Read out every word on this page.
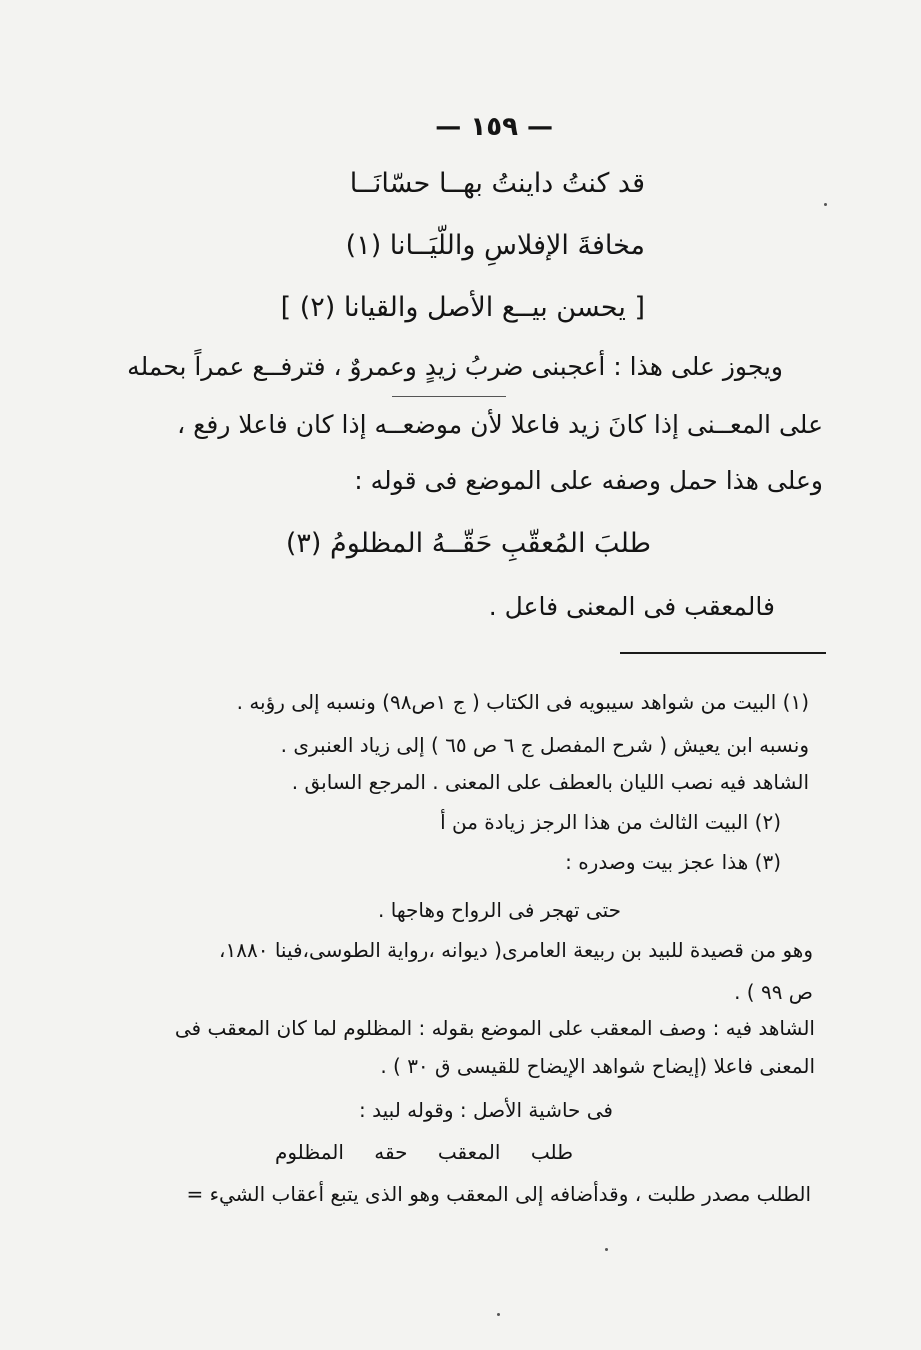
— ١٥٩ —
قد كنتُ داينتُ بهــا حسّانَــا
مخافةَ الإفلاسِ واللّيَــانا (١)
[ يحسن بيــع الأصل والقيانا (٢) ]
ويجوز على هذا : أعجبنى ضربُ زيدٍ وعمروٌ ، فترفــع عمراً بحمله
على المعــنى إذا كانَ زيد فاعلا لأن موضعــه إذا كان فاعلا رفع ،
وعلى هذا حمل وصفه على الموضع فى قوله :
طلبَ المُعقّبِ حَقّــهُ المظلومُ (٣)
فالمعقب فى المعنى فاعل .
(١) البيت من شواهد سيبويه فى الكتاب ( ج ١ص٩٨) ونسبه إلى رؤبه .
ونسبه ابن يعيش ( شرح المفصل ج ٦ ص ٦٥ ) إلى زياد العنبرى .
الشاهد فيه نصب الليان بالعطف على المعنى . المرجع السابق .
(٢) البيت الثالث من هذا الرجز زيادة من أ
(٣) هذا عجز بيت وصدره :
حتى تهجر فى الرواح وهاجها .
وهو من قصيدة للبيد بن ربيعة العامرى( ديوانه ،رواية الطوسى،فينا ١٨٨٠،
ص ٩٩ ) .
الشاهد فيه : وصف المعقب على الموضع بقوله : المظلوم لما كان المعقب فى
المعنى فاعلا (إيضاح شواهد الإيضاح للقيسى ق ٣٠ ) .
فى حاشية الأصل : وقوله لبيد :
طلب المعقب حقه المظلوم
الطلب مصدر طلبت ، وقدأضافه إلى المعقب وهو الذى يتبع أعقاب الشيء =
